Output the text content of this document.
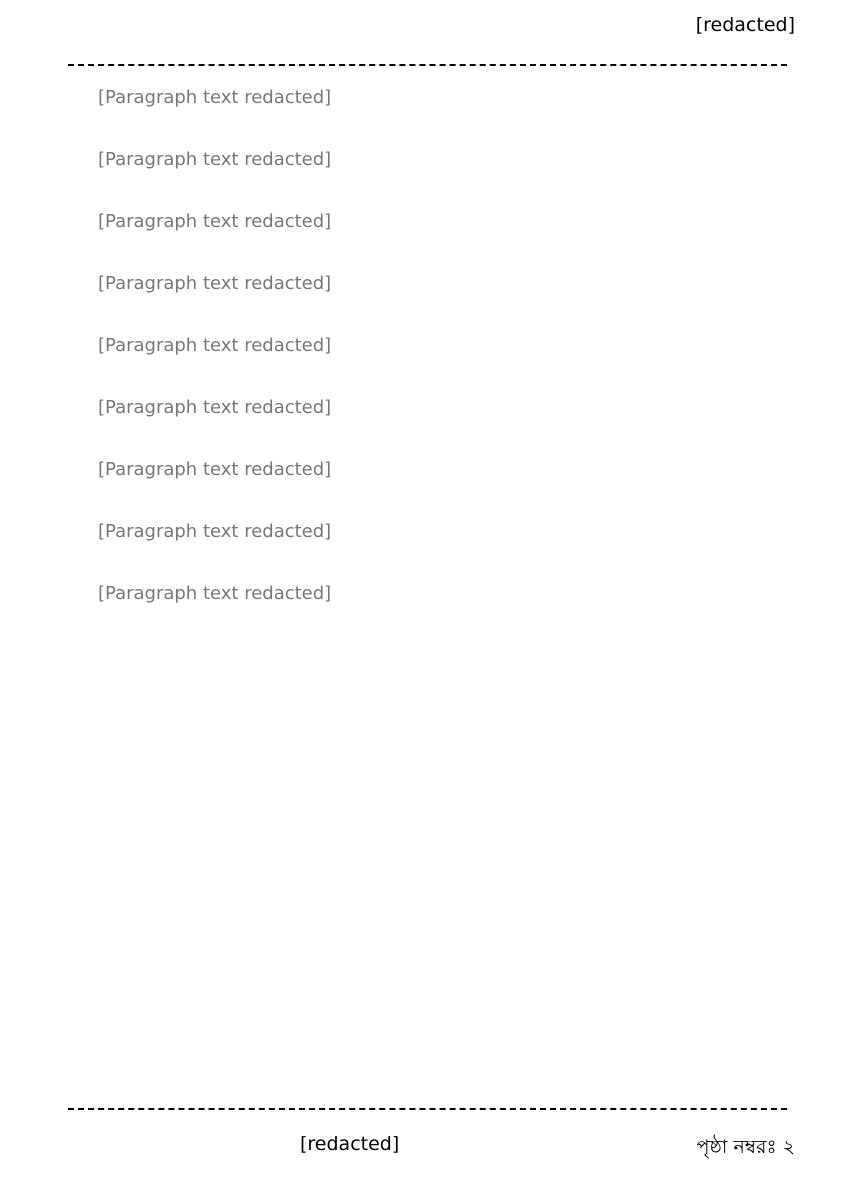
[redacted]

[Paragraph text redacted]

[Paragraph text redacted]

[Paragraph text redacted]

[Paragraph text redacted]

[Paragraph text redacted]

[Paragraph text redacted]

[Paragraph text redacted]

[Paragraph text redacted]

[Paragraph text redacted]

[redacted]	পৃষ্ঠা নম্বরঃ ২
